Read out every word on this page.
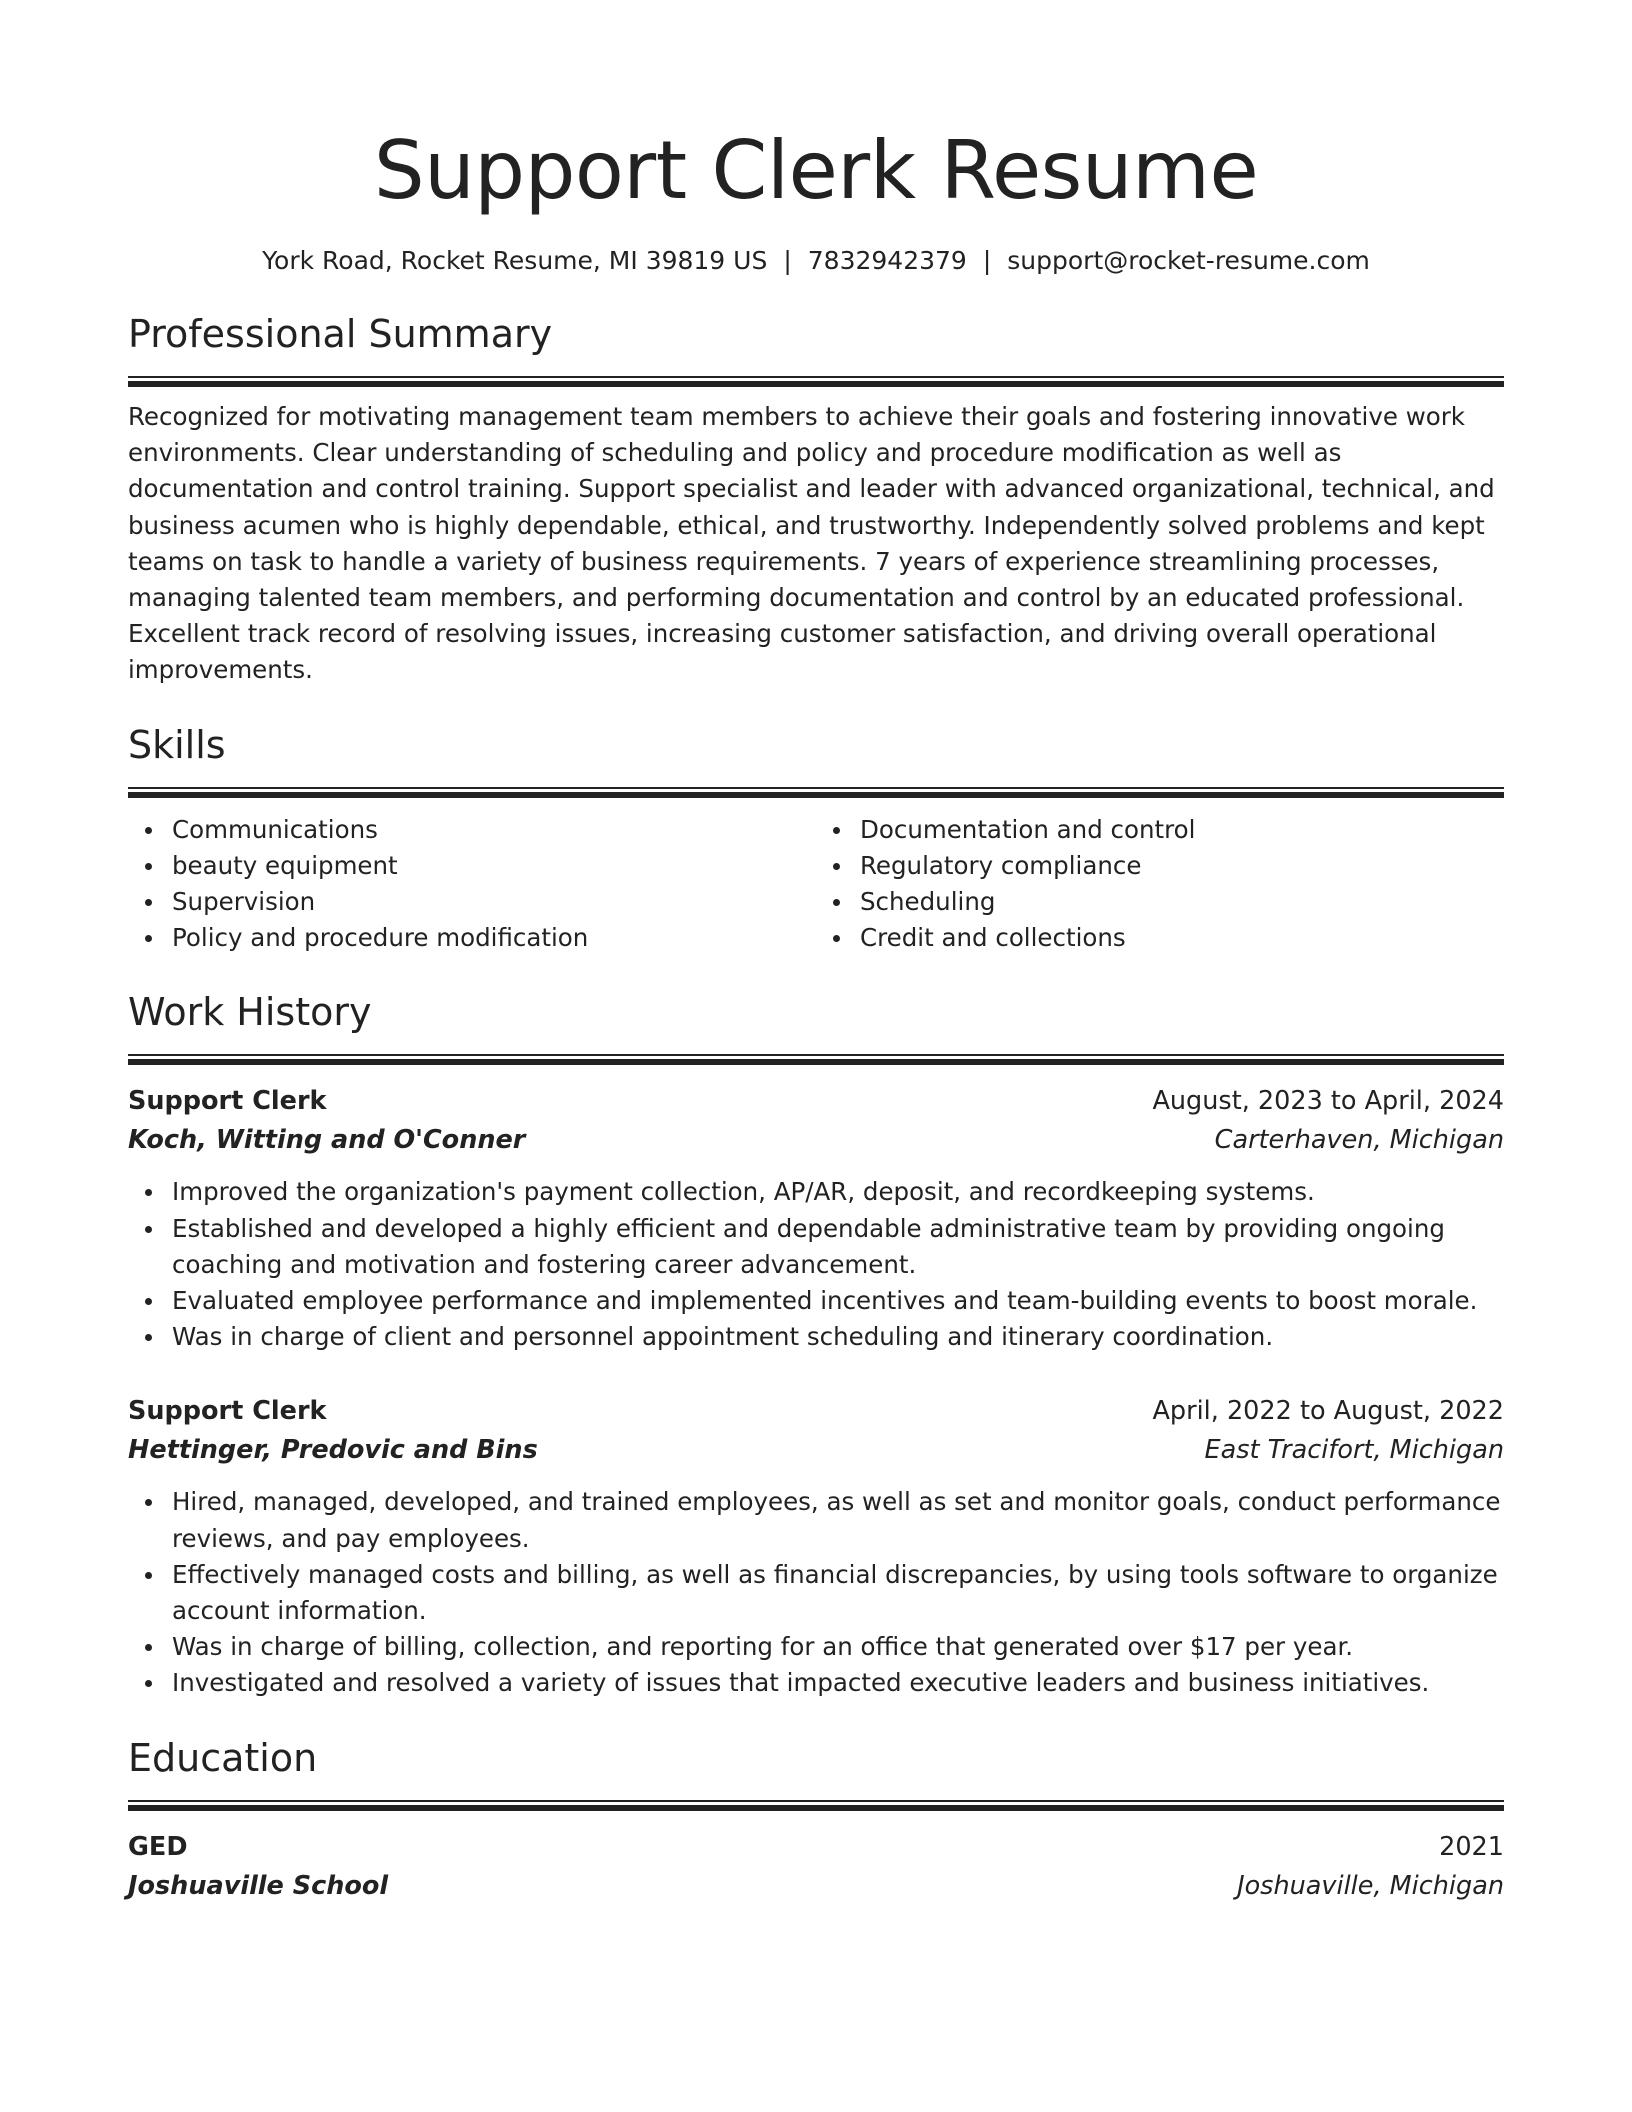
Support Clerk Resume
York Road, Rocket Resume, MI 39819 US | 7832942379 | support@rocket-resume.com
Professional Summary

Recognized for motivating management team members to achieve their goals and fostering innovative work environments. Clear understanding of scheduling and policy and procedure modification as well as documentation and control training. Support specialist and leader with advanced organizational, technical, and business acumen who is highly dependable, ethical, and trustworthy. Independently solved problems and kept teams on task to handle a variety of business requirements. 7 years of experience streamlining processes, managing talented team members, and performing documentation and control by an educated professional. Excellent track record of resolving issues, increasing customer satisfaction, and driving overall operational improvements.

Skills
Communications
beauty equipment
Supervision
Policy and procedure modification
Documentation and control
Regulatory compliance
Scheduling
Credit and collections
Work History
Support Clerk	August, 2023 to April, 2024
Koch, Witting and O'Conner	Carterhaven, Michigan
Improved the organization's payment collection, AP/AR, deposit, and recordkeeping systems.
Established and developed a highly efficient and dependable administrative team by providing ongoing coaching and motivation and fostering career advancement.
Evaluated employee performance and implemented incentives and team-building events to boost morale.
Was in charge of client and personnel appointment scheduling and itinerary coordination.
Support Clerk	April, 2022 to August, 2022
Hettinger, Predovic and Bins	East Tracifort, Michigan
Hired, managed, developed, and trained employees, as well as set and monitor goals, conduct performance reviews, and pay employees.
Effectively managed costs and billing, as well as financial discrepancies, by using tools software to organize account information.
Was in charge of billing, collection, and reporting for an office that generated over $17 per year.
Investigated and resolved a variety of issues that impacted executive leaders and business initiatives.
Education
GED	2021
Joshuaville School	Joshuaville, Michigan
